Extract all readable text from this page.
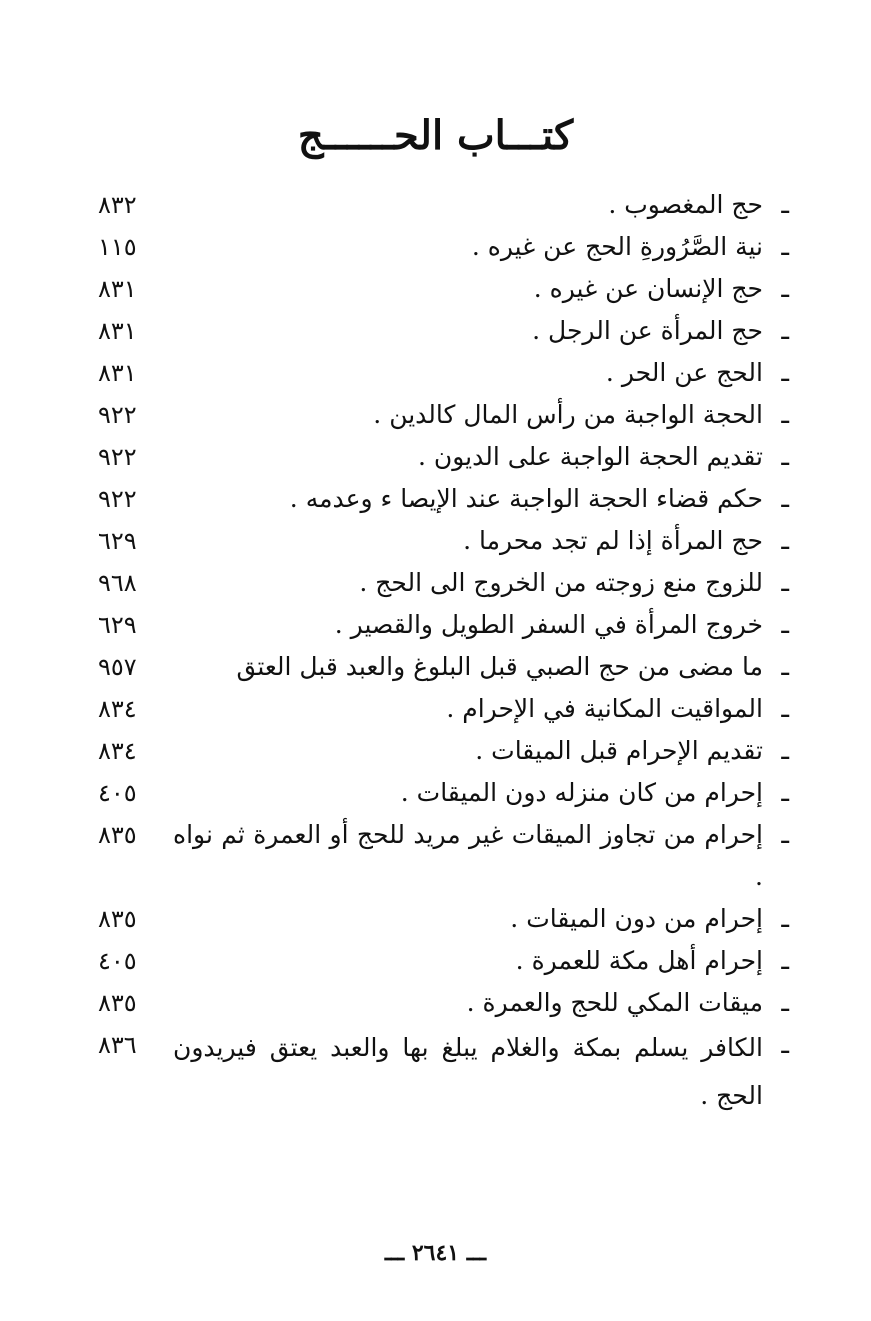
كتـــاب الحــــــج
ـ
حج المغصوب .
٨٣٢
ـ
نية الصَّرُورةِ الحج عن غيره .
١١٥
ـ
حج الإنسان عن غيره .
٨٣١
ـ
حج المرأة عن الرجل .
٨٣١
ـ
الحج عن الحر .
٨٣١
ـ
الحجة الواجبة من رأس المال كالدين .
٩٢٢
ـ
تقديم الحجة الواجبة على الديون .
٩٢٢
ـ
حكم قضاء الحجة الواجبة عند الإيصا ء وعدمه .
٩٢٢
ـ
حج المرأة إذا لم تجد محرما .
٦٢٩
ـ
للزوج منع زوجته من الخروج الى الحج .
٩٦٨
ـ
خروج المرأة في السفر الطويل والقصير .
٦٢٩
ـ
ما مضى من حج الصبي قبل البلوغ والعبد قبل العتق
٩٥٧
ـ
المواقيت المكانية في الإحرام .
٨٣٤
ـ
تقديم الإحرام قبل الميقات .
٨٣٤
ـ
إحرام من كان منزله دون الميقات .
٤٠٥
ـ
إحرام من تجاوز الميقات غير مريد للحج أو العمرة ثم نواه .
٨٣٥
ـ
إحرام من دون الميقات .
٨٣٥
ـ
إحرام أهل مكة للعمرة .
٤٠٥
ـ
ميقات المكي للحج والعمرة .
٨٣٥
ـ
الكافر يسلم بمكة والغلام يبلغ بها والعبد يعتق فيريدون الحج .
٨٣٦
ـــ ٢٦٤١ ـــ
